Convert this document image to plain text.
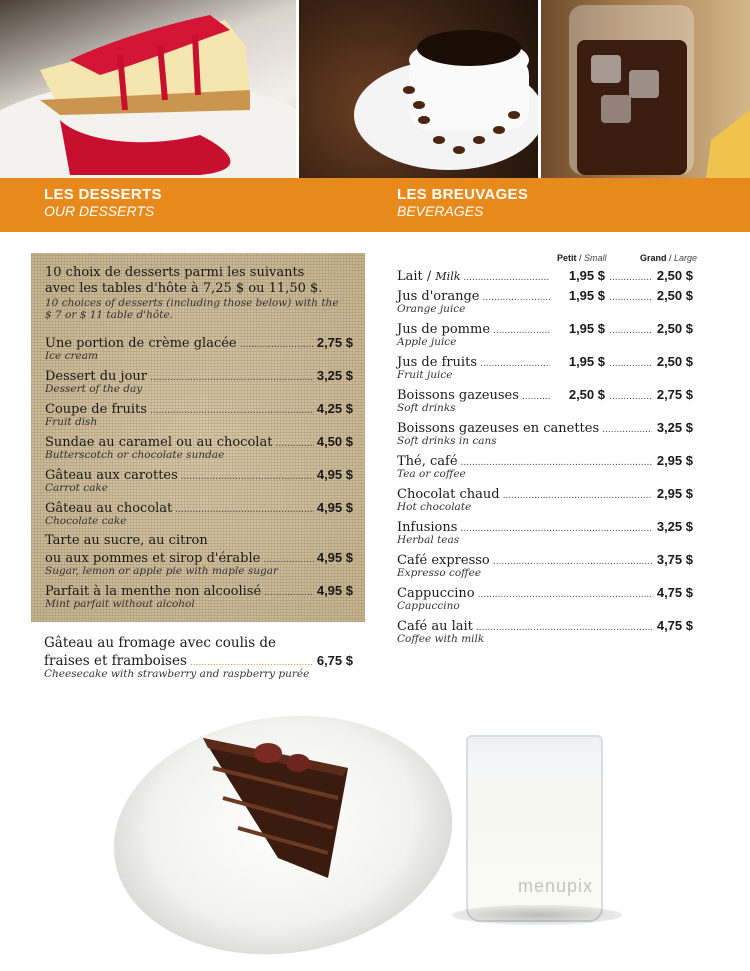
LES DESSERTS
OUR DESSERTS
LES BREUVAGES
BEVERAGES
10 choix de desserts parmi les suivants
avec les tables d'hôte à 7,25 $ ou 11,50 $.
10 choices of desserts (including those below) with the
$ 7 or $ 11 table d'hôte.
Une portion de crème glacée .....	2,75 $
Ice cream
Dessert du jour .....	3,25 $
Dessert of the day
Coupe de fruits .....	4,25 $
Fruit dish
Sundae au caramel ou au chocolat .....	4,50 $
Butterscotch or chocolate sundae
Gâteau aux carottes .....	4,95 $
Carrot cake
Gâteau au chocolat .....	4,95 $
Chocolate cake
Tarte au sucre, au citron
ou aux pommes et sirop d'érable .....	4,95 $
Sugar, lemon or apple pie with maple sugar
Parfait à la menthe non alcoolisé .....	4,95 $
Mint parfait without alcohol
Gâteau au fromage avec coulis de
fraises et framboises .....	6,75 $
Cheesecake with strawberry and raspberry purée
Petit / Small	Grand / Large
Lait / Milk .....	1,95 $ .....	2,50 $
Jus d'orange .....	1,95 $ .....	2,50 $
Orange juice
Jus de pomme .....	1,95 $ .....	2,50 $
Apple juice
Jus de fruits .....	1,95 $ .....	2,50 $
Fruit juice
Boissons gazeuses .....	2,50 $ .....	2,75 $
Soft drinks
Boissons gazeuses en canettes .....	3,25 $
Soft drinks in cans
Thé, café .....	2,95 $
Tea or coffee
Chocolat chaud .....	2,95 $
Hot chocolate
Infusions .....	3,25 $
Herbal teas
Café expresso .....	3,75 $
Expresso coffee
Cappuccino .....	4,75 $
Cappuccino
Café au lait .....	4,75 $
Coffee with milk
menupix
